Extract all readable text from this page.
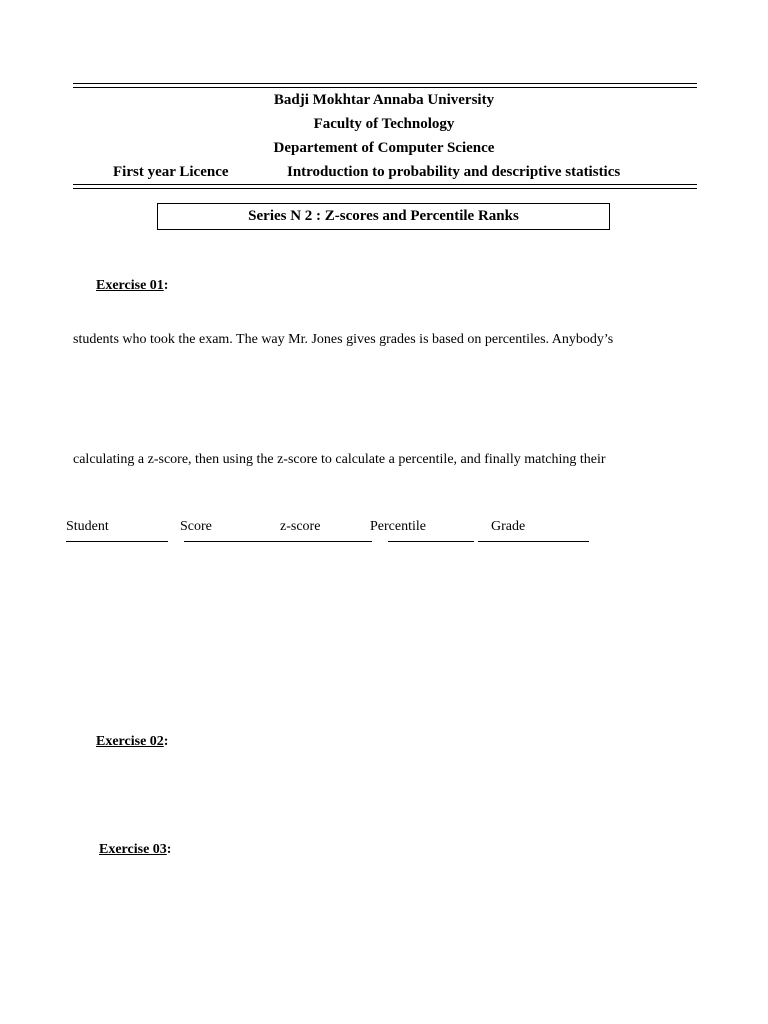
Badji Mokhtar Annaba University
Faculty of Technology
Departement of Computer Science
First year Licence	Introduction to probability and descriptive statistics
Series N 2 : Z-scores and Percentile Ranks
Exercise 01:
students who took the exam. The way Mr. Jones gives grades is based on percentiles. Anybody’s
calculating a z-score, then using the z-score to calculate a percentile, and finally matching their
Student	Score	z-score	Percentile	Grade
Exercise 02:
Exercise 03:
